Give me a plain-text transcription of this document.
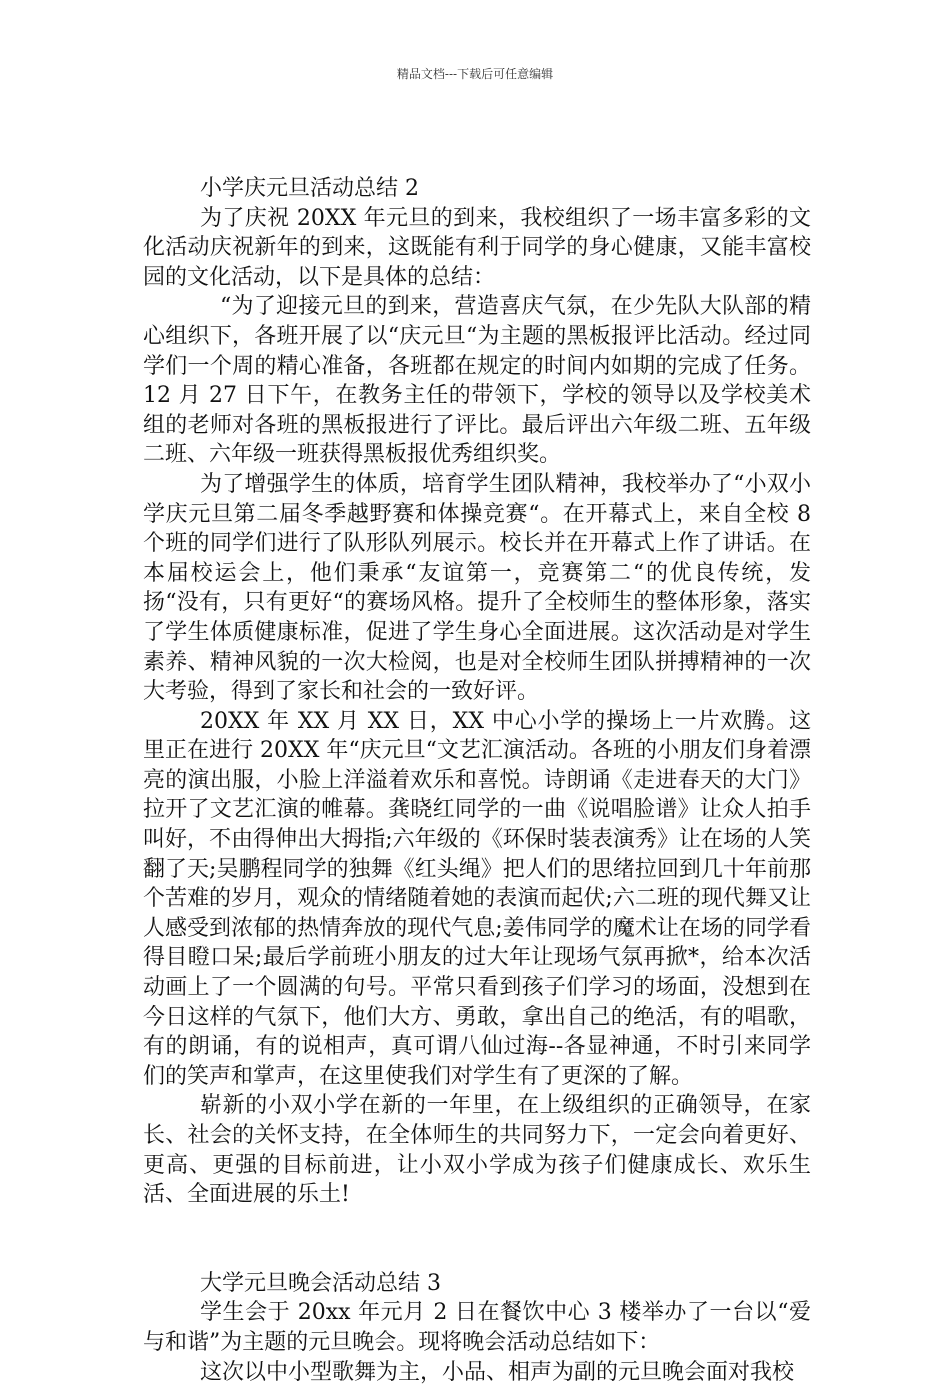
精品文档---下载后可任意编辑

小学庆元旦活动总结 2

为了庆祝 20XX 年元旦的到来，我校组织了一场丰富多彩的文化活动庆祝新年的到来，这既能有利于同学的身心健康，又能丰富校园的文化活动，以下是具体的总结：

“为了迎接元旦的到来，营造喜庆气氛，在少先队大队部的精心组织下，各班开展了以“庆元旦“为主题的黑板报评比活动。经过同学们一个周的精心准备，各班都在规定的时间内如期的完成了任务。12 月 27 日下午，在教务主任的带领下，学校的领导以及学校美术组的老师对各班的黑板报进行了评比。最后评出六年级二班、五年级二班、六年级一班获得黑板报优秀组织奖。

为了增强学生的体质，培育学生团队精神，我校举办了“小双小学庆元旦第二届冬季越野赛和体操竞赛“。在开幕式上，来自全校 8 个班的同学们进行了队形队列展示。校长并在开幕式上作了讲话。在本届校运会上，他们秉承“友谊第一，竞赛第二“的优良传统，发扬“没有，只有更好“的赛场风格。提升了全校师生的整体形象，落实了学生体质健康标准，促进了学生身心全面进展。这次活动是对学生素养、精神风貌的一次大检阅，也是对全校师生团队拼搏精神的一次大考验，得到了家长和社会的一致好评。

20XX 年 XX 月 XX 日，XX 中心小学的操场上一片欢腾。这里正在进行 20XX 年“庆元旦“文艺汇演活动。各班的小朋友们身着漂亮的演出服，小脸上洋溢着欢乐和喜悦。诗朗诵《走进春天的大门》拉开了文艺汇演的帷幕。龚晓红同学的一曲《说唱脸谱》让众人拍手叫好，不由得伸出大拇指;六年级的《环保时装表演秀》让在场的人笑翻了天;吴鹏程同学的独舞《红头绳》把人们的思绪拉回到几十年前那个苦难的岁月，观众的情绪随着她的表演而起伏;六二班的现代舞又让人感受到浓郁的热情奔放的现代气息;姜伟同学的魔术让在场的同学看得目瞪口呆;最后学前班小朋友的过大年让现场气氛再掀*，给本次活动画上了一个圆满的句号。平常只看到孩子们学习的场面，没想到在今日这样的气氛下，他们大方、勇敢，拿出自己的绝活，有的唱歌，有的朗诵，有的说相声，真可谓八仙过海--各显神通，不时引来同学们的笑声和掌声，在这里使我们对学生有了更深的了解。

崭新的小双小学在新的一年里，在上级组织的正确领导，在家长、社会的关怀支持，在全体师生的共同努力下，一定会向着更好、更高、更强的目标前进，让小双小学成为孩子们健康成长、欢乐生活、全面进展的乐土!

大学元旦晚会活动总结 3

学生会于 20xx 年元月 2 日在餐饮中心 3 楼举办了一台以“爱与和谐”为主题的元旦晚会。现将晚会活动总结如下：

这次以中小型歌舞为主，小品、相声为副的元旦晚会面对我校
